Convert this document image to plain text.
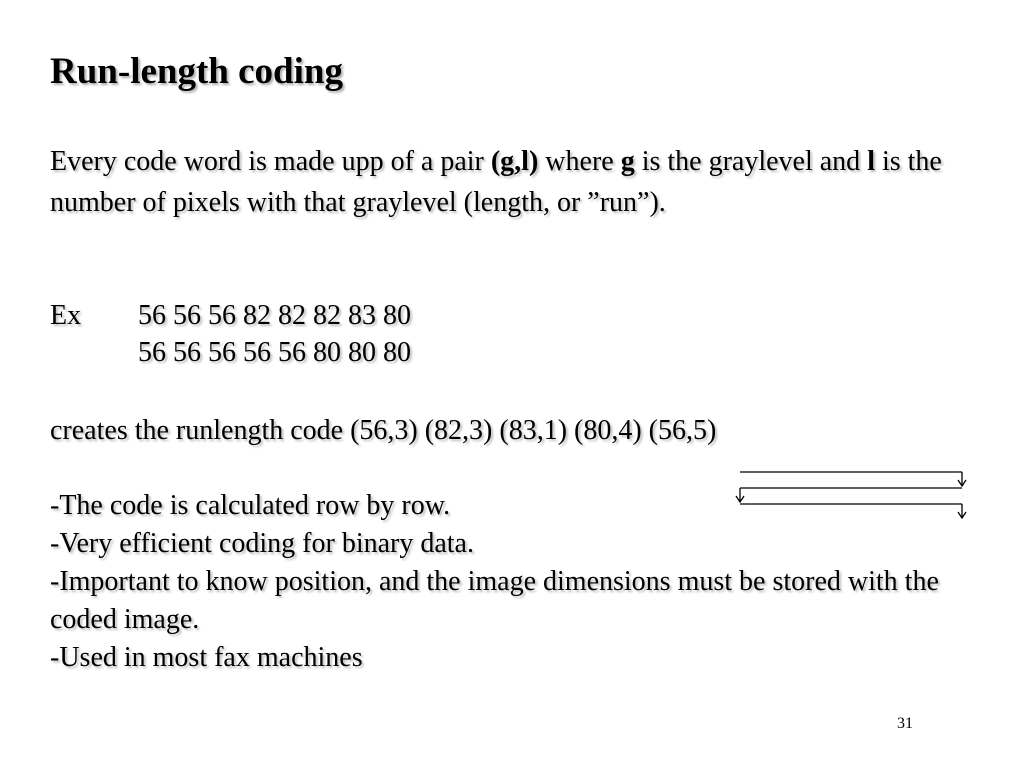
Run-length coding
Every code word is made upp of a pair (g,l) where g is the graylevel and l is the number of pixels with that graylevel (length, or ”run”).
Ex 56 56 56 82 82 82 83 80
56 56 56 56 56 80 80 80
creates the runlength code (56,3) (82,3) (83,1) (80,4) (56,5)
-The code is calculated row by row.
-Very efficient coding for binary data.
-Important to know position, and the image dimensions must be stored with the coded image.
-Used in most fax machines
31
